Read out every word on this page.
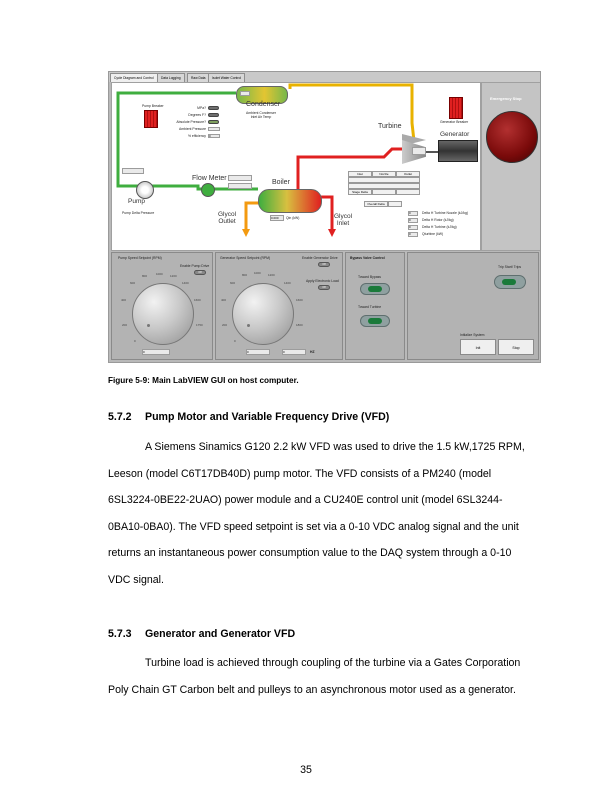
Cycle Diagram and Control	Data Logging	Raw Data	Isolet Water Control
Condenser
Ambient Condenser
Inlet Air Temp
MPa?
Degrees F?
Absolute Pressure?
Ambient Pressure
% efficiency	0
Pump Breaker
Turbine
Generator Breaker
Generator
Inlet	Nozzle	Outlet
Stage Delta
Overall Delta
0	Delta H Turbine Nozzle (kJ/kg)
0	Delta H Rotor (kJ/kg)
0	Delta H Turbine (kJ/kg)
0	Qturbine (kW)
Flow Meter
Boiler
0.000	Qin (kW)
Glycol
Outlet
Glycol
Inlet
Pump
Pump Delta Pressure
Emergency Stop
Pump Speed Setpoint (RPM)
Enable Pump Drive
Off
1000
800	1200
600	1400
400	1600
200	1750
0
0
Generator Speed Setpoint (RPM)	Enable Generator Drive
Off
Apply Electronic Load
Off
1000
800	1200
600	1400
400	1600
200	1800
0
0	0	HZ
Bypass Valve Control
Toward Bypass
Toward Turbine
Trip Start/ Trips
Initialize System
Init	Stop
Figure 5-9: Main LabVIEW GUI on host computer.
5.7.2 Pump Motor and Variable Frequency Drive (VFD)
A Siemens Sinamics G120 2.2 kW VFD was used to drive the 1.5 kW,1725 RPM,
Leeson (model C6T17DB40D) pump motor. The VFD consists of a PM240 (model
6SL3224-0BE22-2UAO) power module and a CU240E control unit (model 6SL3244-
0BA10-0BA0). The VFD speed setpoint is set via a 0-10 VDC analog signal and the unit
returns an instantaneous power consumption value to the DAQ system through a 0-10
VDC signal.
5.7.3 Generator and Generator VFD
Turbine load is achieved through coupling of the turbine via a Gates Corporation
Poly Chain GT Carbon belt and pulleys to an asynchronous motor used as a generator.
35
